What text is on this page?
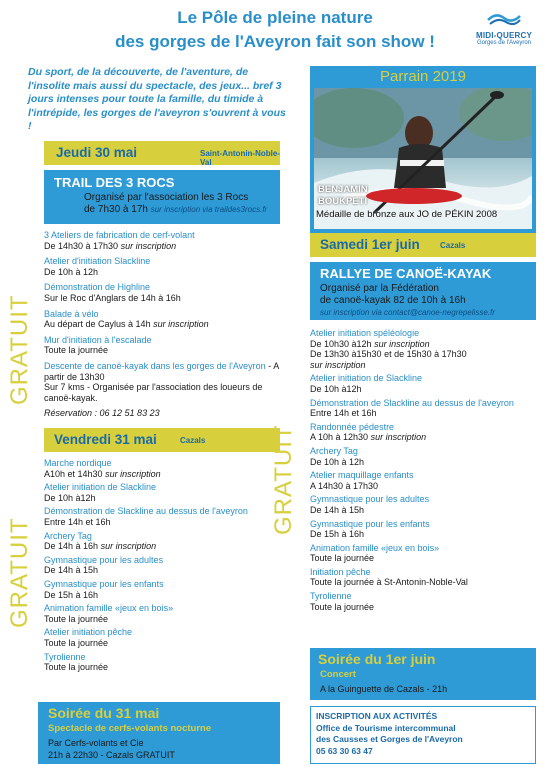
Le Pôle de pleine nature
des gorges de l'Aveyron fait son show !	MIDI-QUERCY
Gorges de l'Aveyron
Du sport, de la découverte, de l'aventure, de l'insolite mais aussi du spectacle, des jeux... bref 3 jours intenses pour toute la famille, du timide à l'intrépide, les gorges de l'aveyron s'ouvrent à vous !
Parrain 2019
BENJAMIN
BOUKPETI
Médaille de bronze aux JO de PÉKIN 2008
Jeudi 30 mai	Saint-Antonin-Noble-Val
TRAIL DES 3 ROCS
Organisé par l'association les 3 Rocs
de 7h30 à 17h sur inscription via traildes3rocs.fr
GRATUIT
3 Ateliers de fabrication de cerf-volant
De 14h30 à 17h30 sur inscription
Atelier d'initiation Slackline
De 10h à 12h
Démonstration de Highline
Sur le Roc d'Anglars de 14h à 16h
Balade à vélo
Au départ de Caylus à 14h sur inscription
Mur d'initiation à l'escalade
Toute la journée
Descente de canoë-kayak dans les gorges de l'Aveyron - A partir de 13h30
Sur 7 kms - Organisée par l'association des loueurs de canoë-kayak.
Réservation : 06 12 51 83 23
Vendredi 31 mai	Cazals
GRATUIT
Marche nordique
A10h et 14h30 sur inscription
Atelier initiation de Slackline
De 10h à12h
Démonstration de Slackline au dessus de l'aveyron
Entre 14h et 16h
Archery Tag
De 14h à 16h sur inscription
Gymnastique pour les adultes
De 14h à 15h
Gymnastique pour les enfants
De 15h à 16h
Animation famille «jeux en bois»
Toute la journée
Atelier initiation pêche
Toute la journée
Tyrolienne
Toute la journée
Soirée du 31 mai
Spectacle de cerfs-volants nocturne
Par Cerfs-volants et Cie
21h à 22h30 - Cazals GRATUIT
Samedi 1er juin	Cazals
RALLYE DE CANOË-KAYAK
Organisé par la Fédération
de canoë-kayak 82 de 10h à 16h
sur inscription via contact@canoe-negrepelisse.fr
GRATUIT
Atelier initiation spéléologie
De 10h30 à12h sur inscription
De 13h30 à15h30 et de 15h30 à 17h30
sur inscription
Atelier initiation de Slackline
De 10h à12h
Démonstration de Slackline au dessus de l'aveyron
Entre 14h et 16h
Randonnée pédestre
A 10h à 12h30 sur inscription
Archery Tag
De 10h à 12h
Atelier maquillage enfants
A 14h30 à 17h30
Gymnastique pour les adultes
De 14h à 15h
Gymnastique pour les enfants
De 15h à 16h
Animation famille «jeux en bois»
Toute la journée
Initiation pêche
Toute la journée à St-Antonin-Noble-Val
Tyrolienne
Toute la journée
Soirée du 1er juin
Concert
A la Guinguette de Cazals - 21h
INSCRIPTION AUX ACTIVITÉS
Office de Tourisme intercommunal
des Causses et Gorges de l'Aveyron
05 63 30 63 47
